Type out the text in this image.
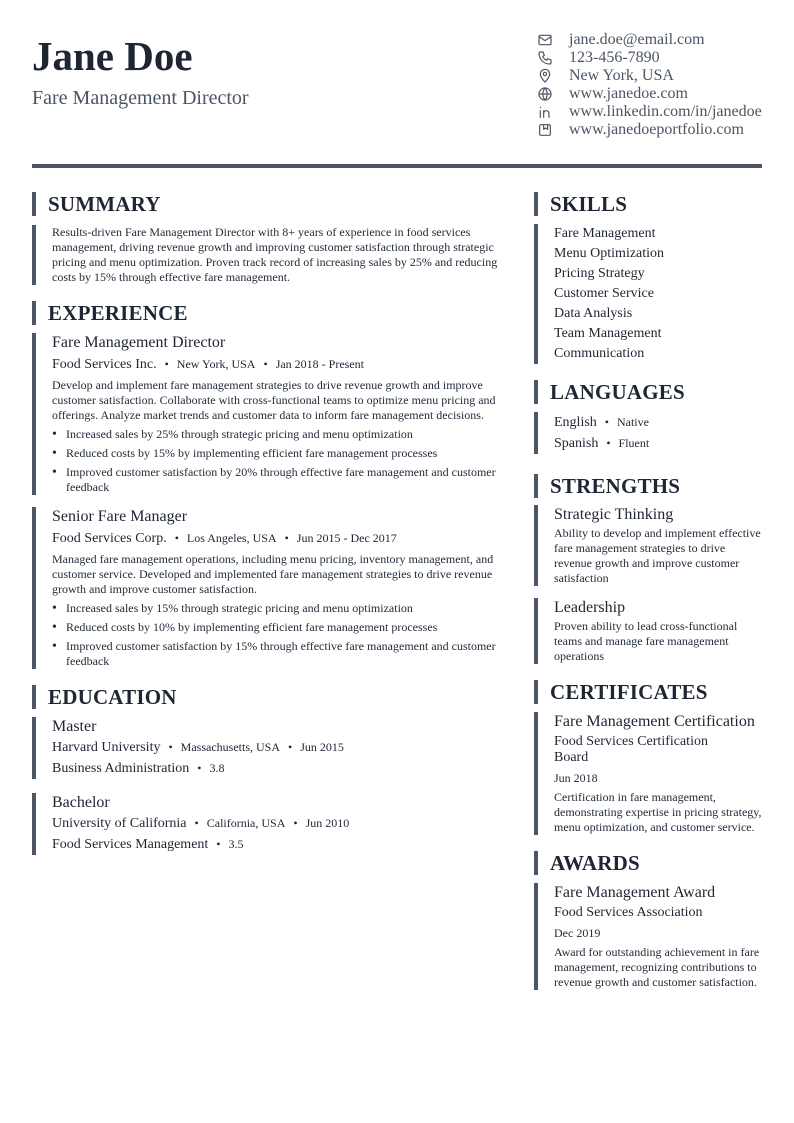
Jane Doe
Fare Management Director
jane.doe@email.com
123-456-7890
New York, USA
www.janedoe.com
www.linkedin.com/in/janedoe
www.janedoeportfolio.com
SUMMARY
Results-driven Fare Management Director with 8+ years of experience in food services management, driving revenue growth and improving customer satisfaction through strategic pricing and menu optimization. Proven track record of increasing sales by 25% and reducing costs by 15% through effective fare management.
EXPERIENCE
Fare Management Director
Food Services Inc. • New York, USA • Jan 2018 - Present
Develop and implement fare management strategies to drive revenue growth and improve customer satisfaction. Collaborate with cross-functional teams to optimize menu pricing and offerings. Analyze market trends and customer data to inform fare management decisions.
• Increased sales by 25% through strategic pricing and menu optimization
• Reduced costs by 15% by implementing efficient fare management processes
• Improved customer satisfaction by 20% through effective fare management and customer feedback
Senior Fare Manager
Food Services Corp. • Los Angeles, USA • Jun 2015 - Dec 2017
Managed fare management operations, including menu pricing, inventory management, and customer service. Developed and implemented fare management strategies to drive revenue growth and improve customer satisfaction.
• Increased sales by 15% through strategic pricing and menu optimization
• Reduced costs by 10% by implementing efficient fare management processes
• Improved customer satisfaction by 15% through effective fare management and customer feedback
EDUCATION
Master
Harvard University • Massachusetts, USA • Jun 2015
Business Administration • 3.8
Bachelor
University of California • California, USA • Jun 2010
Food Services Management • 3.5
SKILLS
Fare Management
Menu Optimization
Pricing Strategy
Customer Service
Data Analysis
Team Management
Communication
LANGUAGES
English • Native
Spanish • Fluent
STRENGTHS
Strategic Thinking
Ability to develop and implement effective fare management strategies to drive revenue growth and improve customer satisfaction
Leadership
Proven ability to lead cross-functional teams and manage fare management operations
CERTIFICATES
Fare Management Certification
Food Services Certification Board
Jun 2018
Certification in fare management, demonstrating expertise in pricing strategy, menu optimization, and customer service.
AWARDS
Fare Management Award
Food Services Association
Dec 2019
Award for outstanding achievement in fare management, recognizing contributions to revenue growth and customer satisfaction.
